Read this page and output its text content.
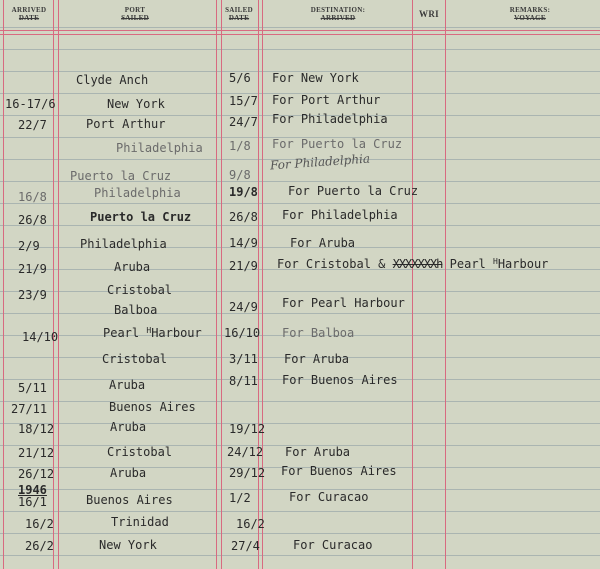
ARRIVED
DATE
PORT
SAILED
SAILED
DATE
DESTINATION:
ARRIVED	WRI	REMARKS:
VOYAGE
Clyde Anch	5/6 For New York
16-17/6	New York	15/7 For Port Arthur
22/7	Port Arthur	24/7 For Philadelphia
Philadelphia 1/8 For Puerto la Cruz
Puerto la Cruz	9/8
For Philadelphia
16/8	Philadelphia	19/8	For Puerto la Cruz
26/8	Puerto la Cruz	26/8 For Philadelphia
2/9	Philadelphia	14/9	For Aruba
21/9	Aruba	21/9 For Cristobal & XXXXXXXh Pearl $^H$Harbour
23/9	Cristobal
Balboa	24/9 For Pearl Harbour
14/10	Pearl $^H$Harbour 16/10 For Balboa
Cristobal	3/11 For Aruba
5/11	Aruba	8/11 For Buenos Aires
27/11	Buenos Aires
18/12	Aruba	19/12
21/12	Cristobal	24/12 For Aruba
26/12	Aruba	29/12 For Buenos Aires
1946
16/1	Buenos Aires	1/2	For Curacao
16/2	Trinidad	16/2
26/2	New York	27/4	For Curacao
